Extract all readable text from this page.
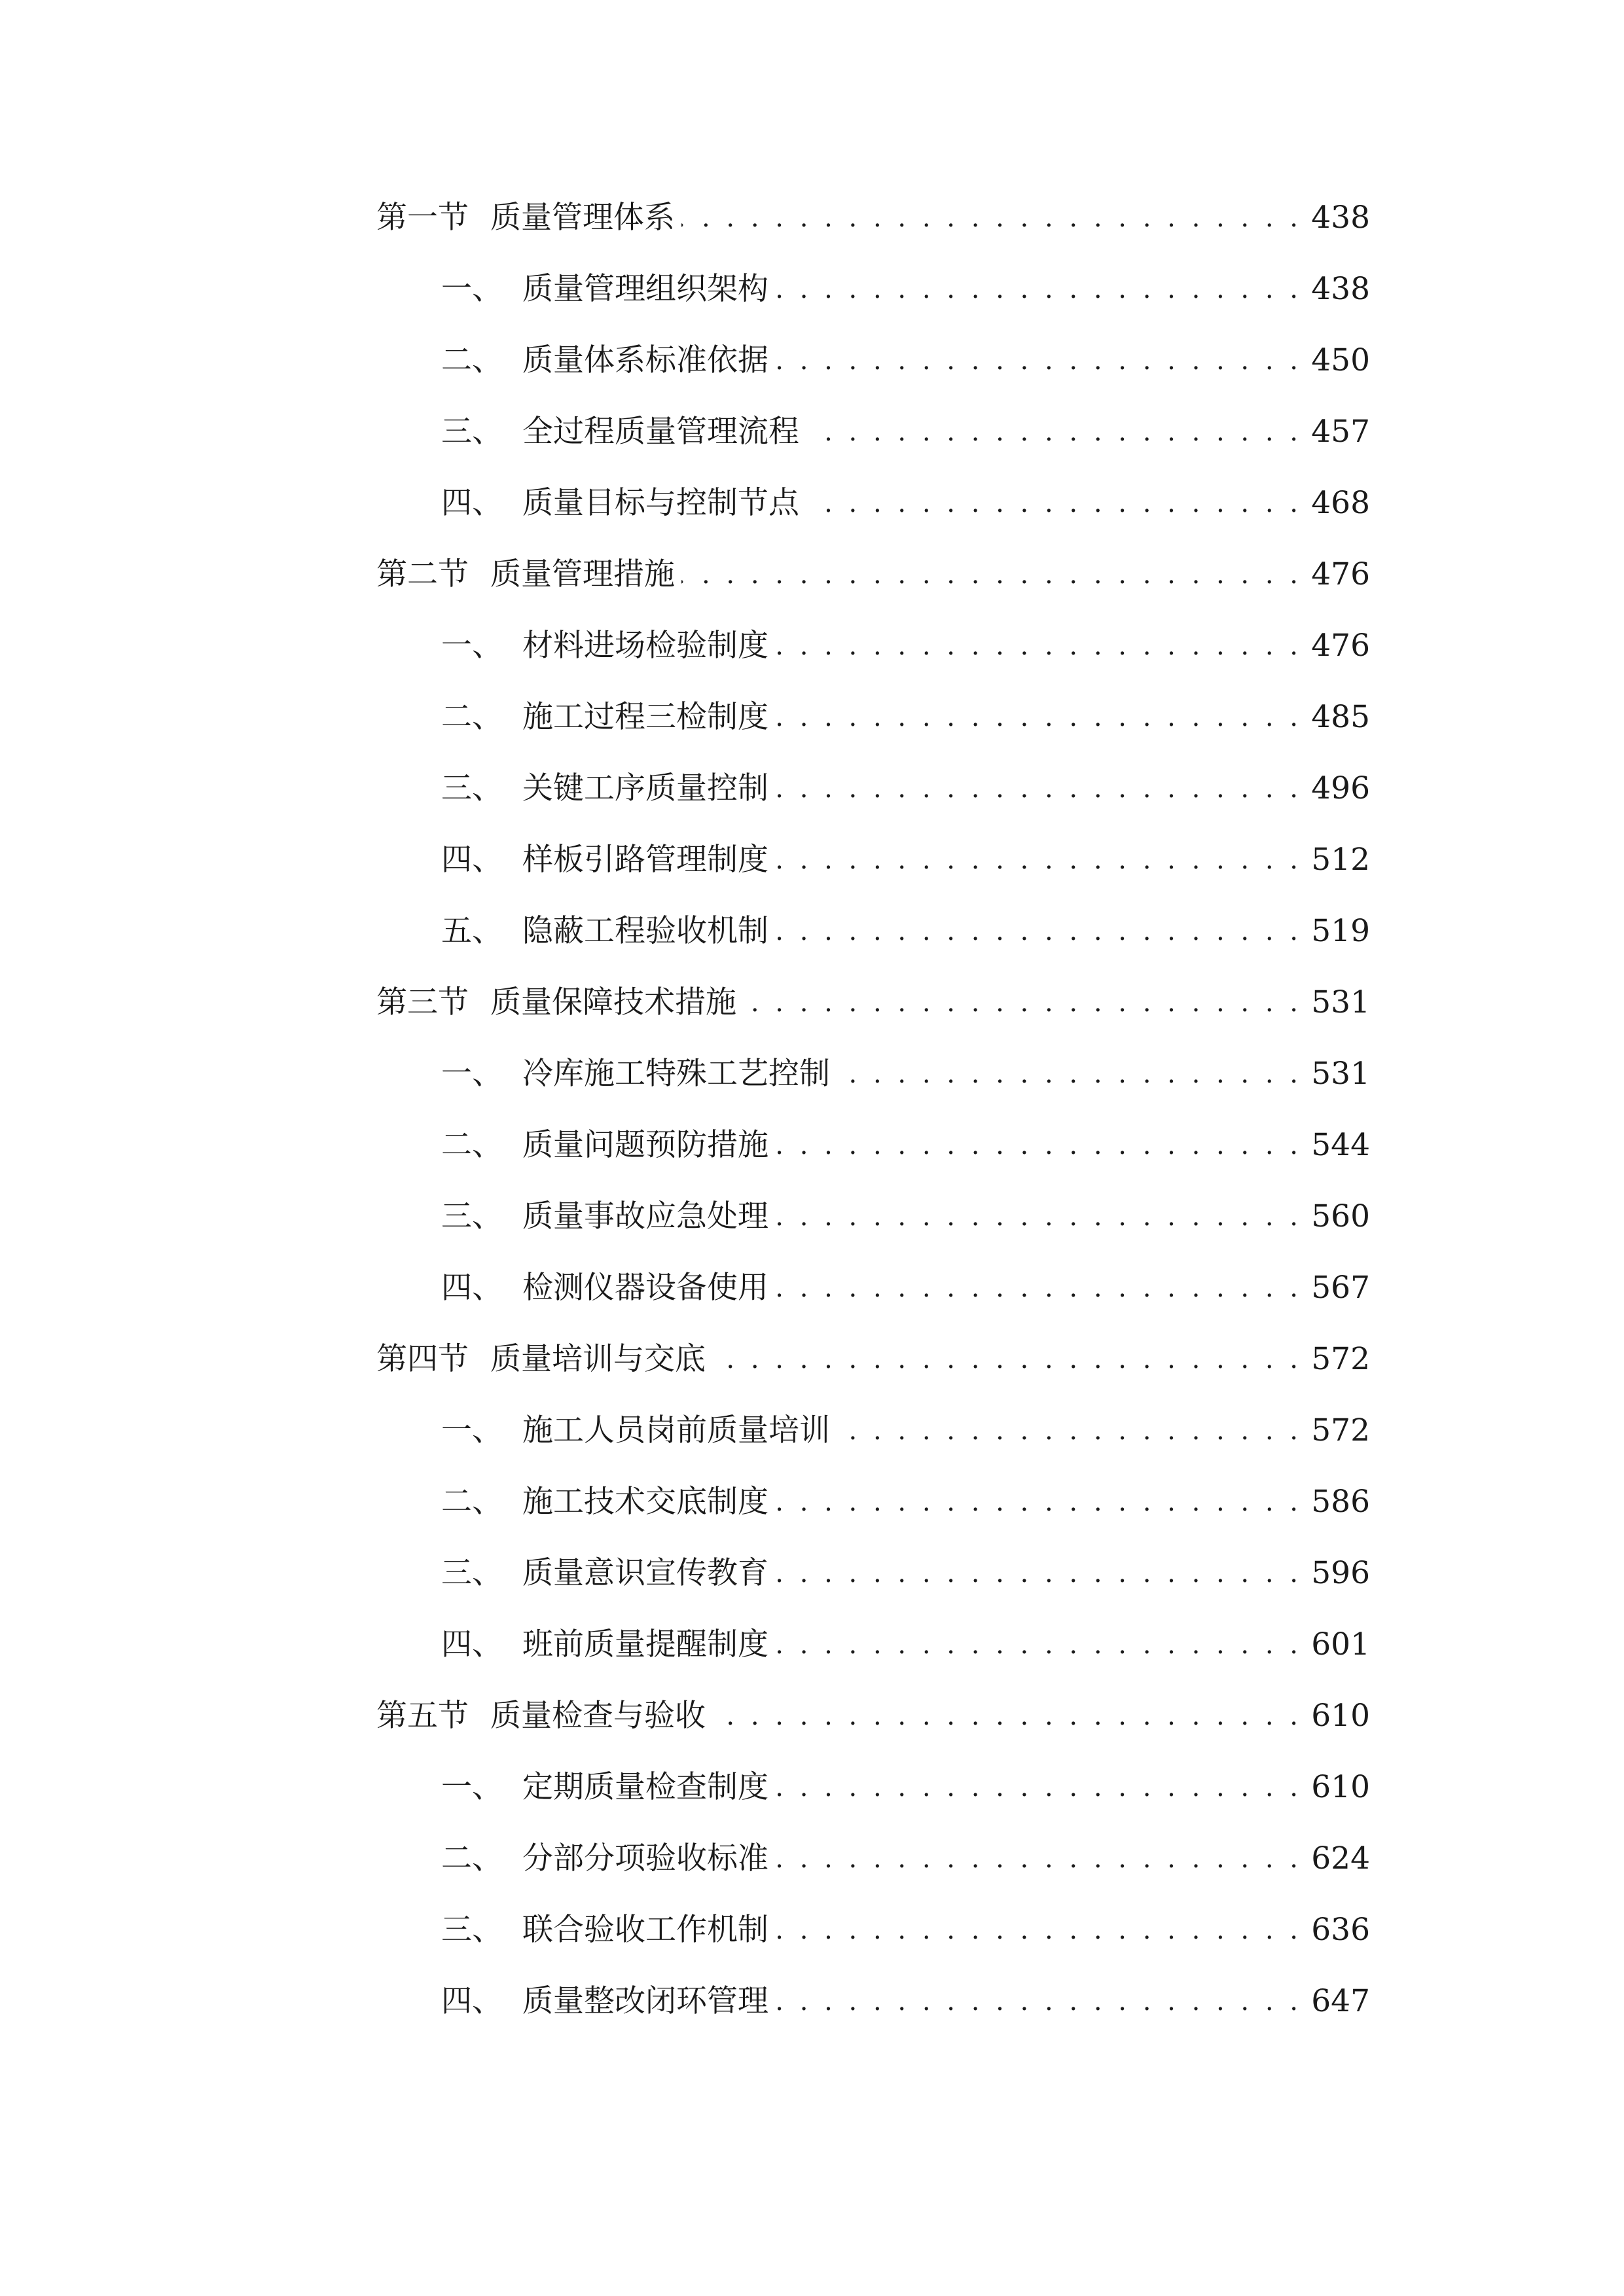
第一节 质量管理体系 . . .	438
一、 质量管理组织架构 . . .	438
二、 质量体系标准依据 . . .	450
三、 全过程质量管理流程 . . .	457
四、 质量目标与控制节点 . . .	468
第二节 质量管理措施 . . .	476
一、 材料进场检验制度 . . .	476
二、 施工过程三检制度 . . .	485
三、 关键工序质量控制 . . .	496
四、 样板引路管理制度 . . .	512
五、 隐蔽工程验收机制 . . .	519
第三节 质量保障技术措施 . . .	531
一、 冷库施工特殊工艺控制 . . .	531
二、 质量问题预防措施 . . .	544
三、 质量事故应急处理 . . .	560
四、 检测仪器设备使用 . . .	567
第四节 质量培训与交底 . . .	572
一、 施工人员岗前质量培训 . . .	572
二、 施工技术交底制度 . . .	586
三、 质量意识宣传教育 . . .	596
四、 班前质量提醒制度 . . .	601
第五节 质量检查与验收 . . .	610
一、 定期质量检查制度 . . .	610
二、 分部分项验收标准 . . .	624
三、 联合验收工作机制 . . .	636
四、 质量整改闭环管理 . . .	647
